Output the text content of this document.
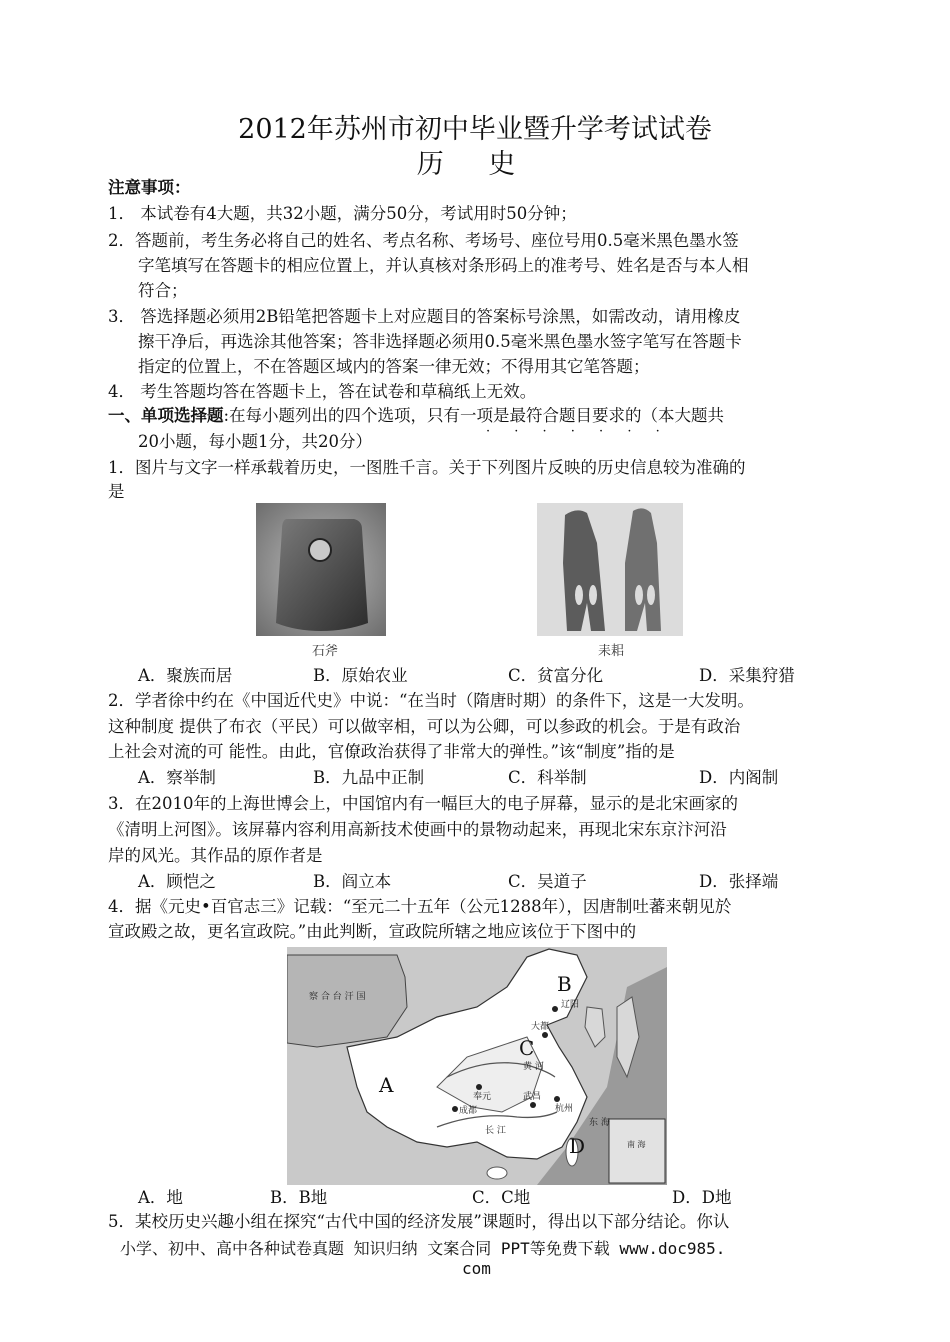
2012年苏州市初中毕业暨升学考试试卷
历 史
注意事项：
1． 本试卷有4大题，共32小题，满分50分，考试用时50分钟；
2．答题前，考生务必将自己的姓名、考点名称、考场号、座位号用0.5毫米黑色墨水签
字笔填写在答题卡的相应位置上，并认真核对条形码上的准考号、姓名是否与本人相
符合；
3． 答选择题必须用2B铅笔把答题卡上对应题目的答案标号涂黑，如需改动，请用橡皮
擦干净后，再选涂其他答案；答非选择题必须用0.5毫米黑色墨水签字笔写在答题卡
指定的位置上，不在答题区域内的答案一律无效；不得用其它笔答题；
4． 考生答题均答在答题卡上，答在试卷和草稿纸上无效。
一、单项选择题:在每小题列出的四个选项，只有一项是最符合题目要求的（本大题共
· · · · · · ·
20小题，每小题1分，共20分）
1．图片与文字一样承载着历史，一图胜千言。关于下列图片反映的历史信息较为准确的
是
石斧	耒耜
A．聚族而居	B．原始农业	C．贫富分化	D．采集狩猎
2．学者徐中约在《中国近代史》中说：“在当时（隋唐时期）的条件下，这是一大发明。
这种制度 提供了布衣（平民）可以做宰相，可以为公卿，可以参政的机会。于是有政治
上社会对流的可 能性。由此，官僚政治获得了非常大的弹性。”该“制度”指的是
A．察举制	B．九品中正制	C．科举制	D．内阁制
3．在2010年的上海世博会上，中国馆内有一幅巨大的电子屏幕，显示的是北宋画家的
《清明上河图》。该屏幕内容利用高新技术使画中的景物动起来，再现北宋东京汴河沿
岸的风光。其作品的原作者是
A．顾恺之	B．阎立本	C．吴道子	D．张择端
4．据《元史•百官志三》记载：“至元二十五年（公元1288年），因唐制吐蕃来朝见於
宣政殿之故，更名宣政院。”由此判断，宣政院所辖之地应该位于下图中的
B
A
C
D
察 合 台 汗 国
辽阳
大都
黄 河
奉元
成都
武昌
杭州
长 江
东 海
南 海
A．地	B．B地	C．C地	D．D地
5．某校历史兴趣小组在探究“古代中国的经济发展”课题时，得出以下部分结论。你认
小学、初中、高中各种试卷真题 知识归纳 文案合同 PPT等免费下载 www.doc985.
com
